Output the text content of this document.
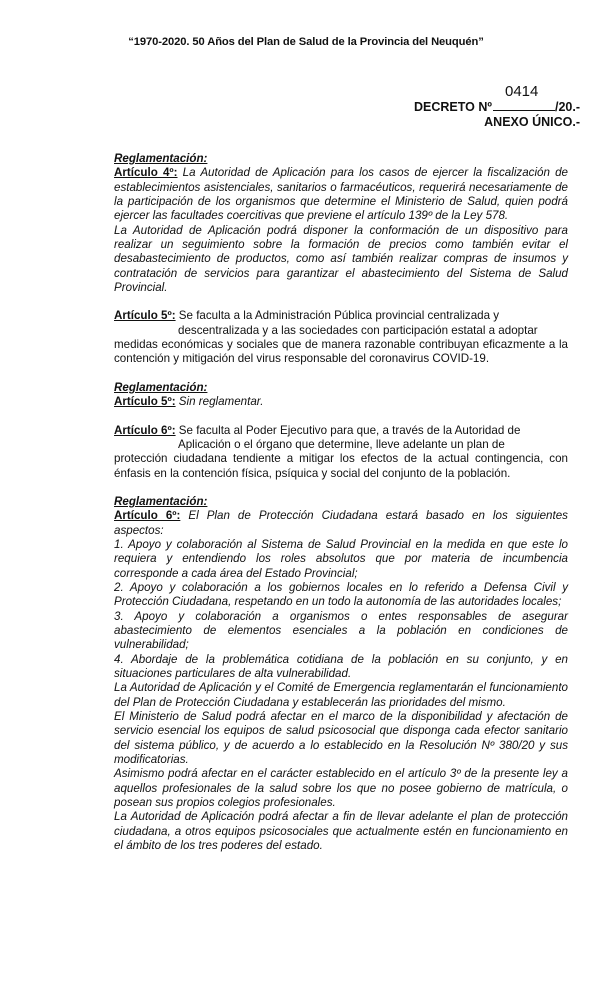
“1970-2020. 50 Años del Plan de Salud de la Provincia del Neuquén”
DECRETO Nº
0414
/20.-
ANEXO ÚNICO.-
Reglamentación:

Artículo 4º: La Autoridad de Aplicación para los casos de ejercer la fiscalización de establecimientos asistenciales, sanitarios o farmacéuticos, requerirá necesariamente de la participación de los organismos que determine el Ministerio de Salud, quien podrá ejercer las facultades coercitivas que previene el artículo 139º de la Ley 578.

La Autoridad de Aplicación podrá disponer la conformación de un dispositivo para realizar un seguimiento sobre la formación de precios como también evitar el desabastecimiento de productos, como así también realizar compras de insumos y contratación de servicios para garantizar el abastecimiento del Sistema de Salud Provincial.

Artículo 5º: Se faculta a la Administración Pública provincial centralizada y

descentralizada y a las sociedades con participación estatal a adoptar

medidas económicas y sociales que de manera razonable contribuyan eficazmente a la contención y mitigación del virus responsable del coronavirus COVID-19.

Reglamentación:

Artículo 5º: Sin reglamentar.

Artículo 6º: Se faculta al Poder Ejecutivo para que, a través de la Autoridad de

Aplicación o el órgano que determine, lleve adelante un plan de

protección ciudadana tendiente a mitigar los efectos de la actual contingencia, con énfasis en la contención física, psíquica y social del conjunto de la población.

Reglamentación:

Artículo 6º: El Plan de Protección Ciudadana estará basado en los siguientes aspectos:

1. Apoyo y colaboración al Sistema de Salud Provincial en la medida en que este lo requiera y entendiendo los roles absolutos que por materia de incumbencia corresponde a cada área del Estado Provincial;

2. Apoyo y colaboración a los gobiernos locales en lo referido a Defensa Civil y Protección Ciudadana, respetando en un todo la autonomía de las autoridades locales;

3. Apoyo y colaboración a organismos o entes responsables de asegurar abastecimiento de elementos esenciales a la población en condiciones de vulnerabilidad;

4. Abordaje de la problemática cotidiana de la población en su conjunto, y en situaciones particulares de alta vulnerabilidad.

La Autoridad de Aplicación y el Comité de Emergencia reglamentarán el funcionamiento del Plan de Protección Ciudadana y establecerán las prioridades del mismo.

El Ministerio de Salud podrá afectar en el marco de la disponibilidad y afectación de servicio esencial los equipos de salud psicosocial que disponga cada efector sanitario del sistema público, y de acuerdo a lo establecido en la Resolución Nº 380/20 y sus modificatorias.

Asimismo podrá afectar en el carácter establecido en el artículo 3º de la presente ley a aquellos profesionales de la salud sobre los que no posee gobierno de matrícula, o posean sus propios colegios profesionales.

La Autoridad de Aplicación podrá afectar a fin de llevar adelante el plan de protección ciudadana, a otros equipos psicosociales que actualmente estén en funcionamiento en el ámbito de los tres poderes del estado.
